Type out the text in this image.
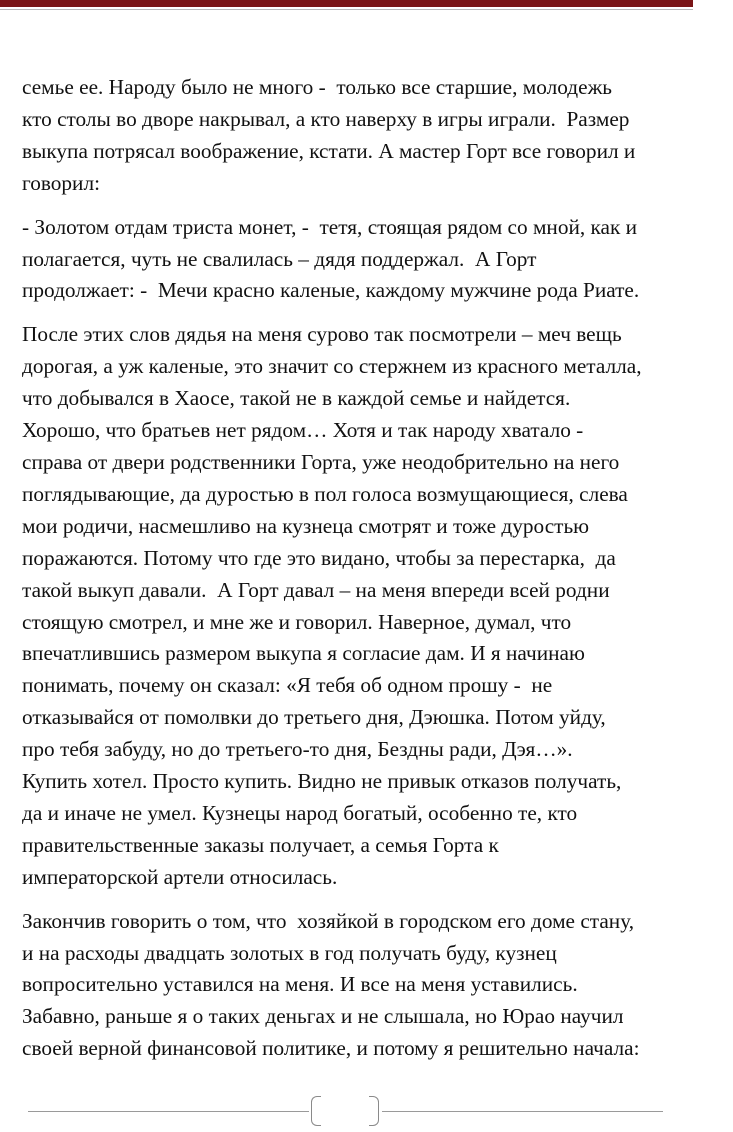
семье ее. Народу было не много -  только все старшие, молодежь
кто столы во дворе накрывал, а кто наверху в игры играли.  Размер
выкупа потрясал воображение, кстати. А мастер Горт все говорил и
говорил:
- Золотом отдам триста монет, -  тетя, стоящая рядом со мной, как и
полагается, чуть не свалилась – дядя поддержал.  А Горт
продолжает: -  Мечи красно каленые, каждому мужчине рода Риате.
После этих слов дядья на меня сурово так посмотрели – меч вещь
дорогая, а уж каленые, это значит со стержнем из красного металла,
что добывался в Хаосе, такой не в каждой семье и найдется.
Хорошо, что братьев нет рядом… Хотя и так народу хватало -
справа от двери родственники Горта, уже неодобрительно на него
поглядывающие, да дуростью в пол голоса возмущающиеся, слева
мои родичи, насмешливо на кузнеца смотрят и тоже дуростью
поражаются. Потому что где это видано, чтобы за перестарка,  да
такой выкуп давали.  А Горт давал – на меня впереди всей родни
стоящую смотрел, и мне же и говорил. Наверное, думал, что
впечатлившись размером выкупа я согласие дам. И я начинаю
понимать, почему он сказал: «Я тебя об одном прошу -  не
отказывайся от помолвки до третьего дня, Дэюшка. Потом уйду,
про тебя забуду, но до третьего-то дня, Бездны ради, Дэя…».
Купить хотел. Просто купить. Видно не привык отказов получать,
да и иначе не умел. Кузнецы народ богатый, особенно те, кто
правительственные заказы получает, а семья Горта к
императорской артели относилась.
Закончив говорить о том, что  хозяйкой в городском его доме стану,
и на расходы двадцать золотых в год получать буду, кузнец
вопросительно уставился на меня. И все на меня уставились.
Забавно, раньше я о таких деньгах и не слышала, но Юрао научил
своей верной финансовой политике, и потому я решительно начала:
